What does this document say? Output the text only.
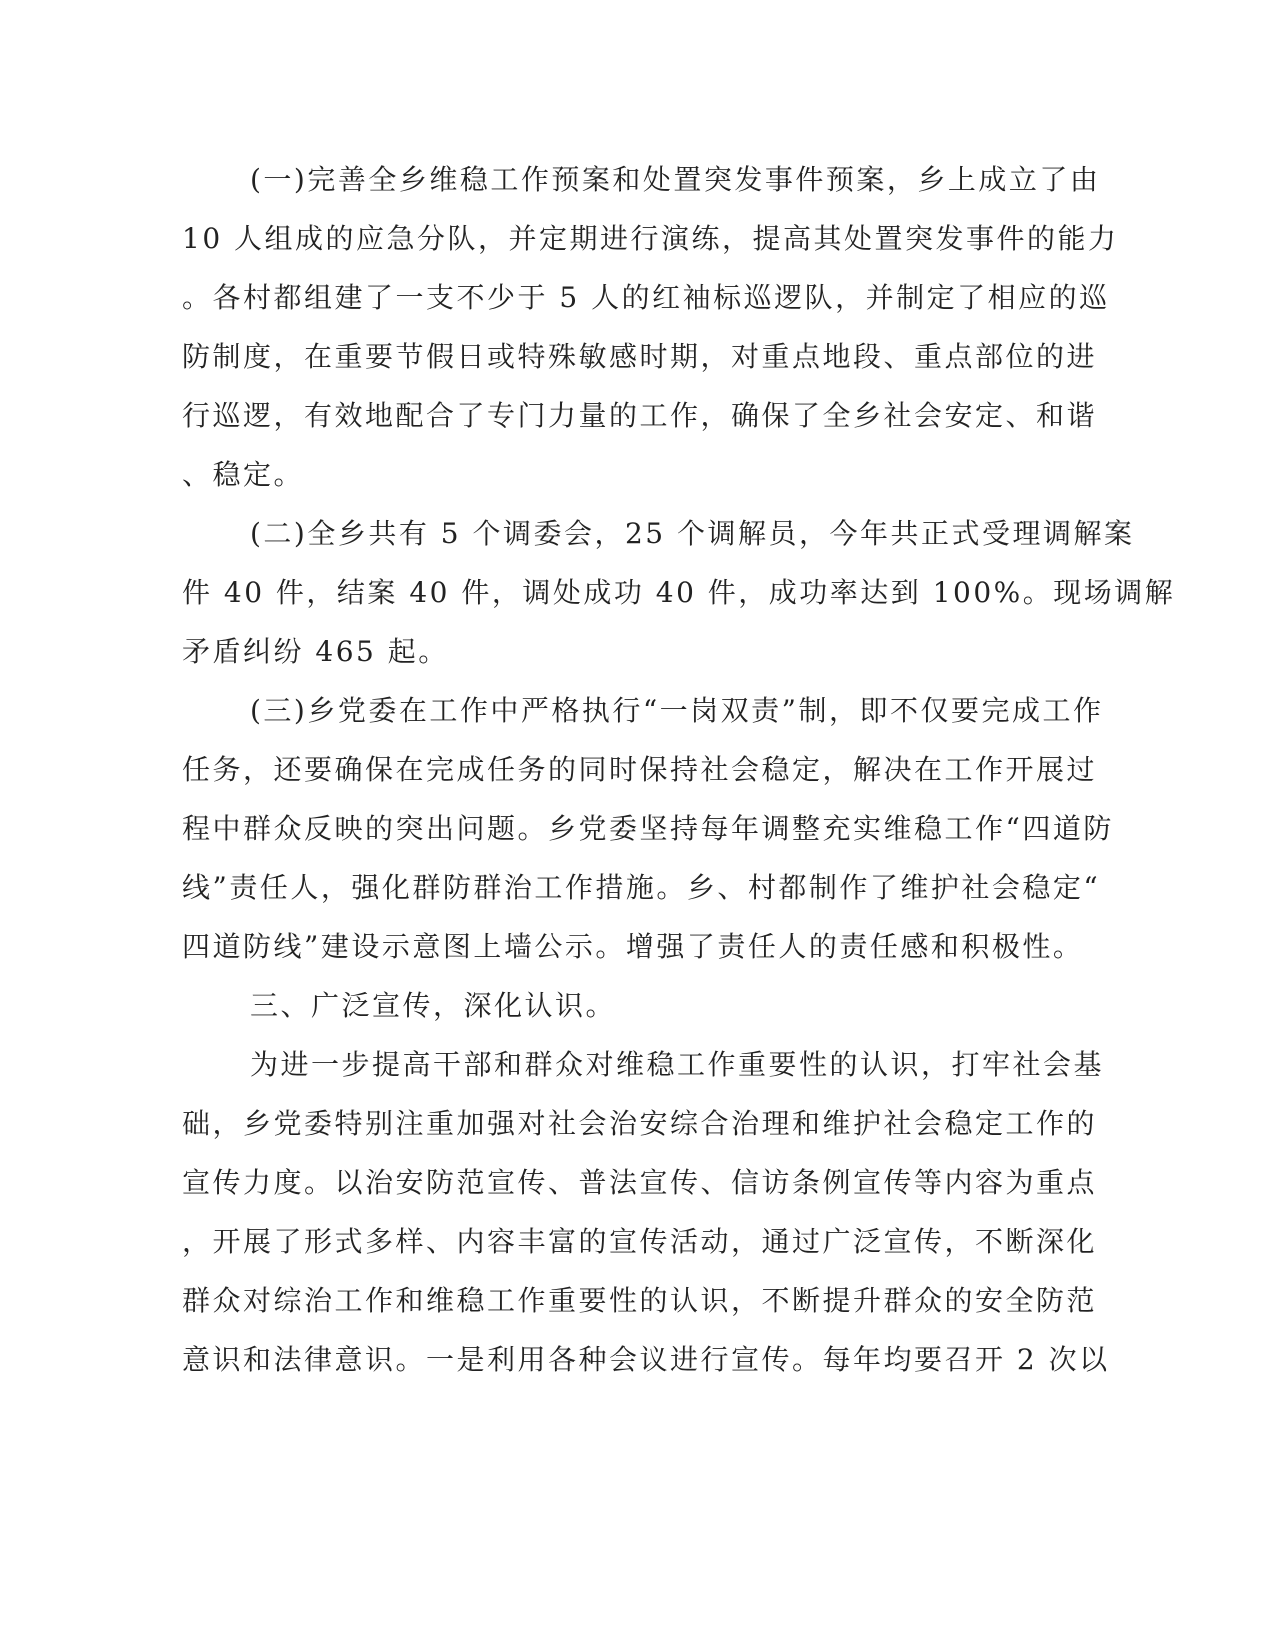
(一)完善全乡维稳工作预案和处置突发事件预案，乡上成立了由
10 人组成的应急分队，并定期进行演练，提高其处置突发事件的能力
。各村都组建了一支不少于 5 人的红袖标巡逻队，并制定了相应的巡
防制度，在重要节假日或特殊敏感时期，对重点地段、重点部位的进
行巡逻，有效地配合了专门力量的工作，确保了全乡社会安定、和谐
、稳定。
(二)全乡共有 5 个调委会，25 个调解员，今年共正式受理调解案
件 40 件，结案 40 件，调处成功 40 件，成功率达到 100%。现场调解
矛盾纠纷 465 起。
(三)乡党委在工作中严格执行“一岗双责”制，即不仅要完成工作
任务，还要确保在完成任务的同时保持社会稳定，解决在工作开展过
程中群众反映的突出问题。乡党委坚持每年调整充实维稳工作“四道防
线”责任人，强化群防群治工作措施。乡、村都制作了维护社会稳定“
四道防线”建设示意图上墙公示。增强了责任人的责任感和积极性。
三、广泛宣传，深化认识。
为进一步提高干部和群众对维稳工作重要性的认识，打牢社会基
础，乡党委特别注重加强对社会治安综合治理和维护社会稳定工作的
宣传力度。以治安防范宣传、普法宣传、信访条例宣传等内容为重点
，开展了形式多样、内容丰富的宣传活动，通过广泛宣传，不断深化
群众对综治工作和维稳工作重要性的认识，不断提升群众的安全防范
意识和法律意识。一是利用各种会议进行宣传。每年均要召开 2 次以
